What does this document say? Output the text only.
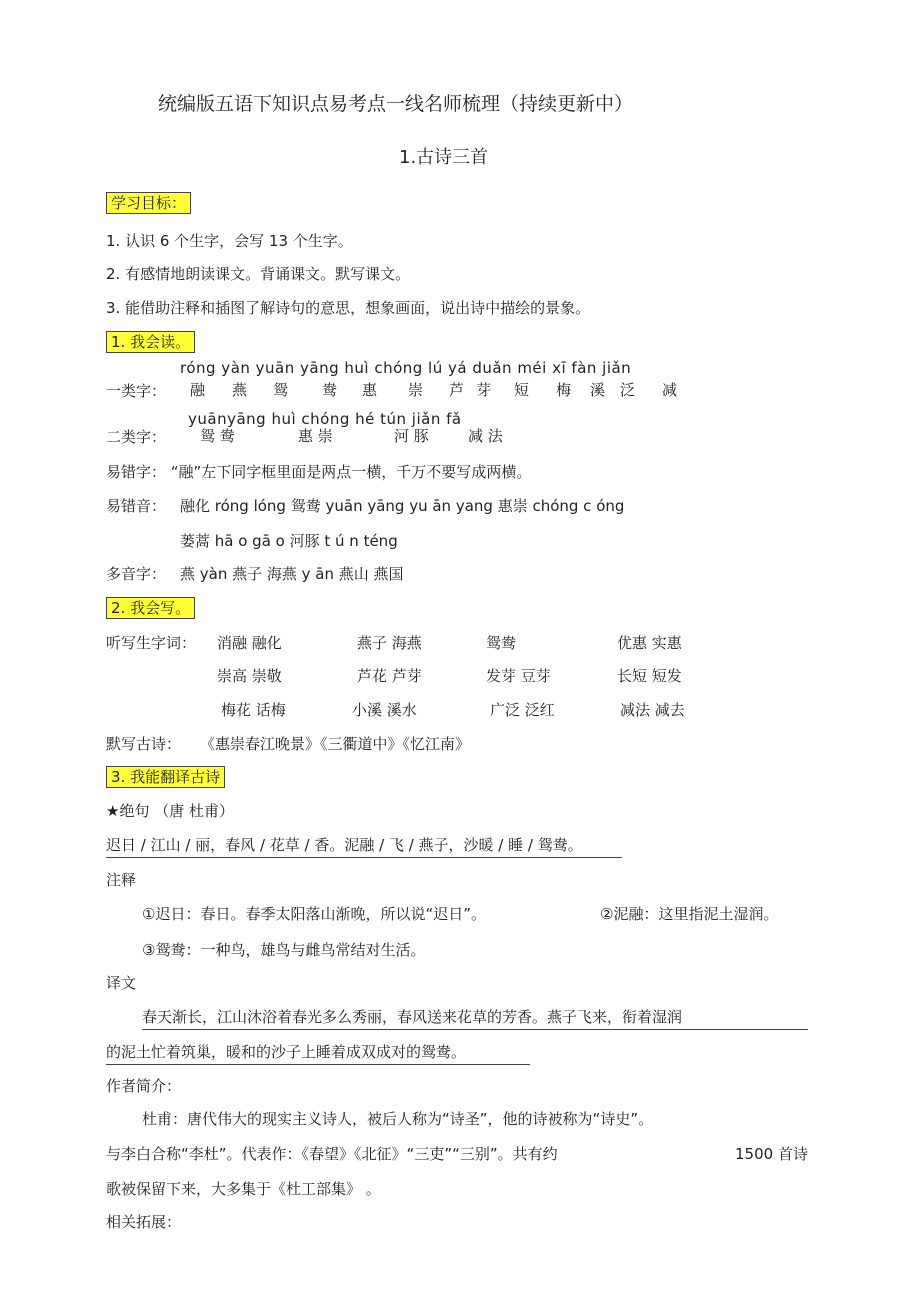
统编版五语下知识点易考点一线名师梳理（持续更新中）
1.古诗三首
学习目标：
1. 认识 6 个生字，会写 13 个生字。
2. 有感情地朗读课文。背诵课文。默写课文。
3. 能借助注释和插图了解诗句的意思，想象画面，说出诗中描绘的景象。
1. 我会读。
róng yàn yuān yāng huì chóng lú yá duǎn méi xī fàn jiǎn
一类字： 融 燕 鸳 鸯 惠 崇 芦 芽 短 梅 溪 泛 减
yuānyāng huì chóng hé tún jiǎn fǎ
二类字： 鸳 鸯	惠 崇	河 豚	减 法
易错字： “融”左下同字框里面是两点一横，千万不要写成两横。
易错音： 融化 róng lóng 鸳鸯 yuān yāng yu ān yang 惠崇 chóng c óng
蒌蒿 hā o gā o 河豚 t ú n téng
多音字： 燕 yàn 燕子 海燕 y ān 燕山 燕国
2. 我会写。
听写生字词： 消融 融化	燕子 海燕	鸳鸯	优惠 实惠
崇高 崇敬	芦花 芦芽	发芽 豆芽	长短 短发
梅花 话梅	小溪 溪水	广泛 泛红	减法 减去
默写古诗： 《惠崇春江晚景》《三衢道中》《忆江南》
3. 我能翻译古诗
★绝句 （唐 杜甫）
迟日 / 江山 / 丽，春风 / 花草 / 香。泥融 / 飞 / 燕子，沙暖 / 睡 / 鸳鸯。
注释
①迟日：春日。春季太阳落山渐晚，所以说“迟日”。	②泥融：这里指泥土湿润。
③鸳鸯：一种鸟，雄鸟与雌鸟常结对生活。
译文
春天渐长，江山沐浴着春光多么秀丽，春风送来花草的芳香。燕子飞来，衔着湿润
的泥土忙着筑巢，暖和的沙子上睡着成双成对的鸳鸯。
作者简介：
杜甫：唐代伟大的现实主义诗人，被后人称为“诗圣”，他的诗被称为“诗史”。
与李白合称“李杜”。代表作：《春望》《北征》“三吏”“三别”。共有约	1500 首诗
歌被保留下来，大多集于《杜工部集》 。
相关拓展：
